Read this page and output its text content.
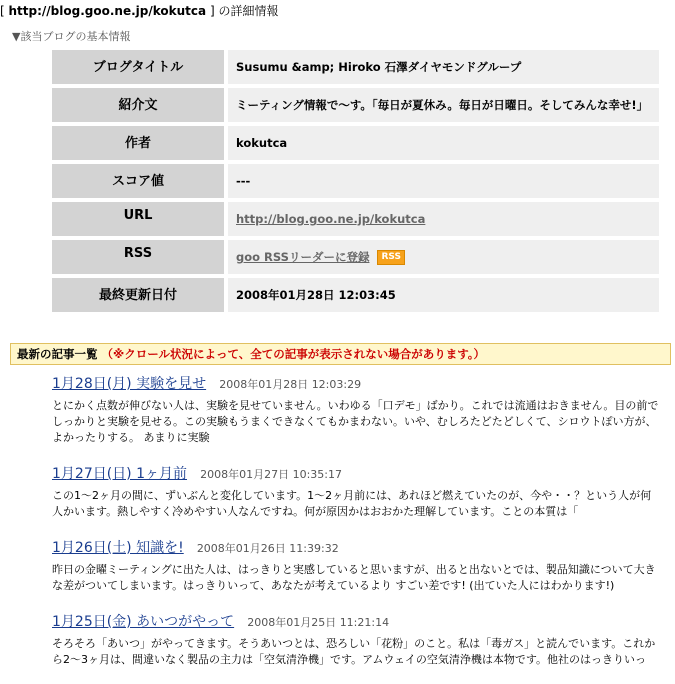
[ http://blog.goo.ne.jp/kokutca ] の詳細情報
▼該当ブログの基本情報
ブログタイトル	Susumu &amp; Hiroko 石澤ダイヤモンドグループ
紹介文	ミーティング情報で～す。「毎日が夏休み。毎日が日曜日。そしてみんな幸せ!」
作者	kokutca
スコア値	---
URL	http://blog.goo.ne.jp/kokutca
RSS	goo RSSリーダーに登録 RSS
最終更新日付	2008年01月28日 12:03:45
最新の記事一覧 （※クロール状況によって、全ての記事が表示されない場合があります。）
1月28日(月) 実験を見せ 2008年01月28日 12:03:29
とにかく点数が伸びない人は、実験を見せていません。いわゆる「口デモ」ばかり。これでは流通はおきません。目の前でしっかりと実験を見せる。この実験もうまくできなくてもかまわない。いや、むしろたどたどしくて、シロウトぽい方が、よかったりする。 あまりに実験
1月27日(日) 1ヶ月前 2008年01月27日 10:35:17
この1～2ヶ月の間に、ずいぶんと変化しています。1～2ヶ月前には、あれほど燃えていたのが、今や・・？という人が何人かいます。熱しやすく冷めやすい人なんですね。何が原因かはおおかた理解しています。ことの本質は「
1月26日(土) 知識を! 2008年01月26日 11:39:32
昨日の金曜ミーティングに出た人は、はっきりと実感していると思いますが、出ると出ないとでは、製品知識について大きな差がついてしまいます。はっきりいって、あなたが考えているより すごい差です! (出ていた人にはわかります!)
1月25日(金) あいつがやって 2008年01月25日 11:21:14
そろそろ「あいつ」がやってきます。そうあいつとは、恐ろしい「花粉」のこと。私は「毒ガス」と読んでいます。これから2～3ヶ月は、間違いなく製品の主力は「空気清浄機」です。アムウェイの空気清浄機は本物です。他社のはっきりいっ
